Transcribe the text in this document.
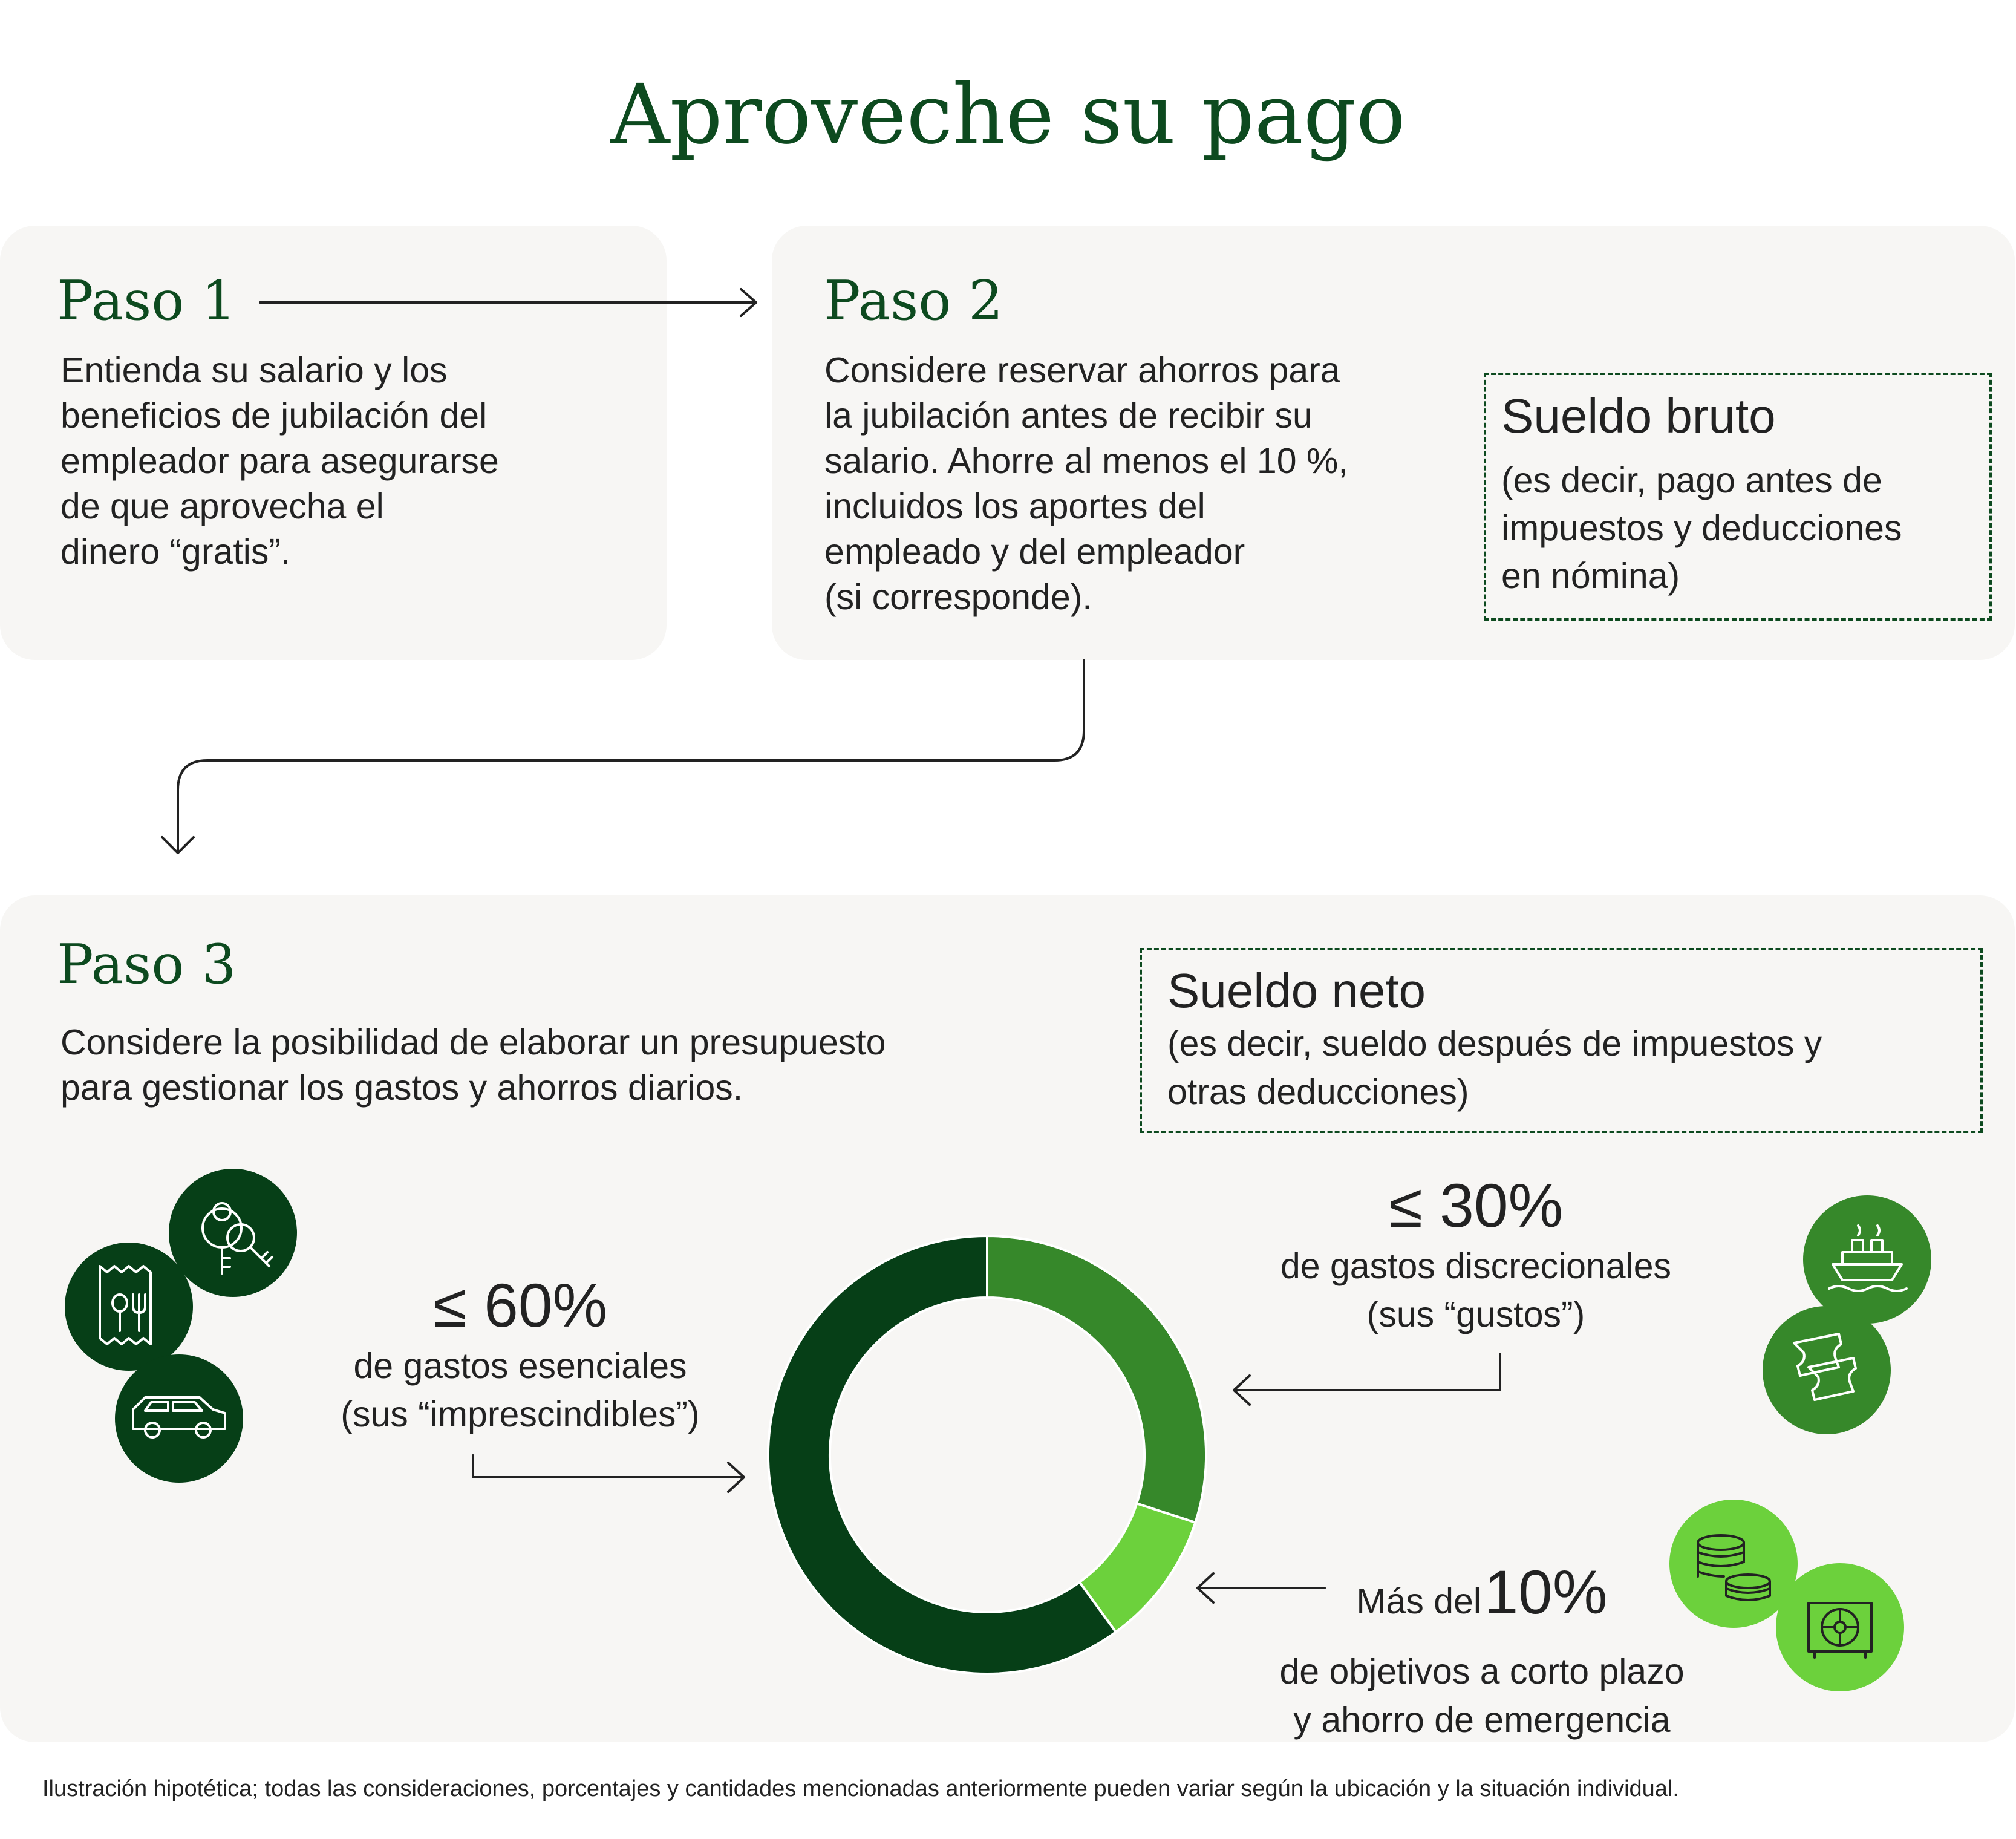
Aproveche su pago
Paso 1
Entienda su salario y los
beneficios de jubilación del
empleador para asegurarse
de que aprovecha el
dinero “gratis”.
Paso 2
Considere reservar ahorros para
la jubilación antes de recibir su
salario. Ahorre al menos el 10 %,
incluidos los aportes del
empleado y del empleador
(si corresponde).
Sueldo bruto
(es decir, pago antes de
impuestos y deducciones
en nómina)
Paso 3
Considere la posibilidad de elaborar un presupuesto
para gestionar los gastos y ahorros diarios.
Sueldo neto
(es decir, sueldo después de impuestos y
otras deducciones)
≤ 60%
de gastos esenciales
(sus “imprescindibles”)
≤ 30%
de gastos discrecionales
(sus “gustos”)
Más del 10%
de objetivos a corto plazo
y ahorro de emergencia
Ilustración hipotética; todas las consideraciones, porcentajes y cantidades mencionadas anteriormente pueden variar según la ubicación y la situación individual.
